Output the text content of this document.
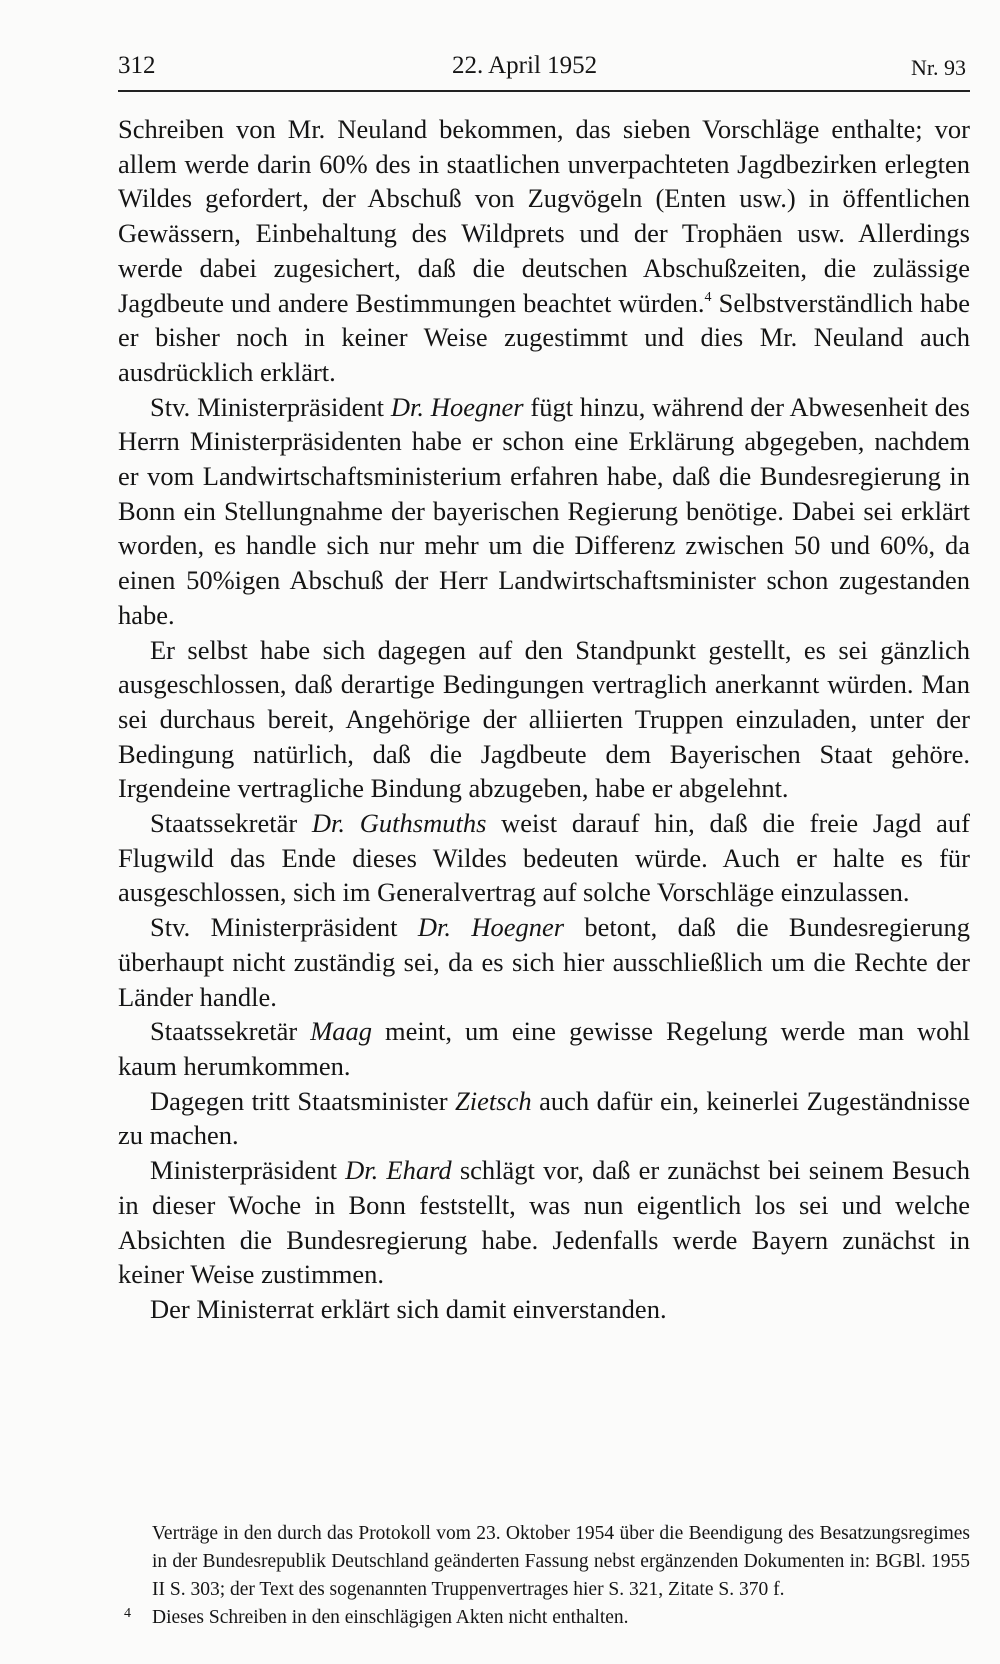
312	22. April 1952	Nr. 93

Schreiben von Mr. Neuland bekommen, das sieben Vorschläge enthalte; vor allem werde darin 60% des in staatlichen unverpachteten Jagdbezirken erlegten Wildes gefordert, der Abschuß von Zugvögeln (Enten usw.) in öffentlichen Gewässern, Einbehaltung des Wildprets und der Trophäen usw. Allerdings werde dabei zugesichert, daß die deutschen Abschußzeiten, die zulässige Jagdbeute und andere Bestimmungen beachtet würden.$^4$ Selbstverständlich habe er bisher noch in keiner Weise zugestimmt und dies Mr. Neuland auch ausdrücklich erklärt.

Stv. Ministerpräsident Dr. Hoegner fügt hinzu, während der Abwesenheit des Herrn Ministerpräsidenten habe er schon eine Erklärung abgegeben, nachdem er vom Landwirtschaftsministerium erfahren habe, daß die Bundesregierung in Bonn ein Stellungnahme der bayerischen Regierung benötige. Dabei sei erklärt worden, es handle sich nur mehr um die Differenz zwischen 50 und 60%, da einen 50%igen Abschuß der Herr Landwirtschaftsminister schon zugestanden habe.

Er selbst habe sich dagegen auf den Standpunkt gestellt, es sei gänzlich ausgeschlossen, daß derartige Bedingungen vertraglich anerkannt würden. Man sei durchaus bereit, Angehörige der alliierten Truppen einzuladen, unter der Bedingung natürlich, daß die Jagdbeute dem Bayerischen Staat gehöre. Irgendeine vertragliche Bindung abzugeben, habe er abgelehnt.

Staatssekretär Dr. Guthsmuths weist darauf hin, daß die freie Jagd auf Flugwild das Ende dieses Wildes bedeuten würde. Auch er halte es für ausgeschlossen, sich im Generalvertrag auf solche Vorschläge einzulassen.

Stv. Ministerpräsident Dr. Hoegner betont, daß die Bundesregierung überhaupt nicht zuständig sei, da es sich hier ausschließlich um die Rechte der Länder handle.

Staatssekretär Maag meint, um eine gewisse Regelung werde man wohl kaum herumkommen.

Dagegen tritt Staatsminister Zietsch auch dafür ein, keinerlei Zugeständnisse zu machen.

Ministerpräsident Dr. Ehard schlägt vor, daß er zunächst bei seinem Besuch in dieser Woche in Bonn feststellt, was nun eigentlich los sei und welche Absichten die Bundesregierung habe. Jedenfalls werde Bayern zunächst in keiner Weise zustimmen.

Der Ministerrat erklärt sich damit einverstanden.

Verträge in den durch das Protokoll vom 23. Oktober 1954 über die Beendigung des Besatzungsregimes in der Bundesrepublik Deutschland geänderten Fassung nebst ergänzenden Dokumenten in: BGBl. 1955 II S. 303; der Text des sogenannten Truppenvertrages hier S. 321, Zitate S. 370 f.

4 Dieses Schreiben in den einschlägigen Akten nicht enthalten.
